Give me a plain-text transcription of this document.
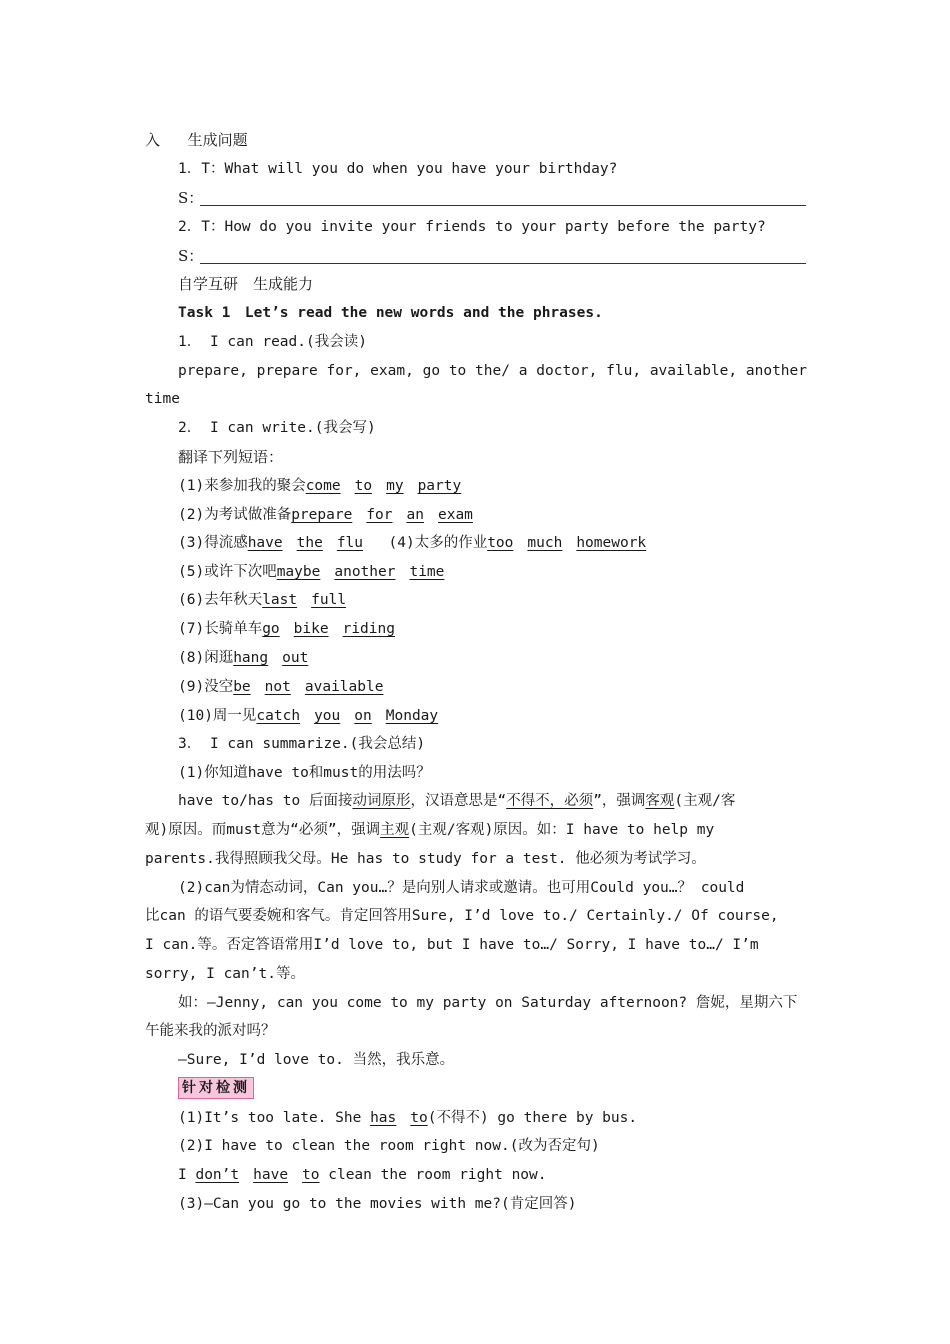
入 生成问题
1．T：What will you do when you have your birthday?
S：
2．T：How do you invite your friends to your party before the party?
S：
自学互研　生成能力
Task 1　Let’s read the new words and the phrases.
1． I can read.(我会读)
prepare, prepare for, exam, go to the/ a doctor, flu, available, another
time
2． I can write.(我会写)
翻译下列短语：
(1)来参加我的聚会come to my party
(2)为考试做准备prepare for an exam
(3)得流感have the flu (4)太多的作业too much homework
(5)或许下次吧maybe another time
(6)去年秋天last full
(7)长骑单车go bike riding
(8)闲逛hang out
(9)没空be not available
(10)周一见catch you on Monday
3． I can summarize.(我会总结)
(1)你知道have to和must的用法吗？
have to/has to 后面接动词原形，汉语意思是“不得不，必须”，强调客观(主观/客
观)原因。而must意为“必须”，强调主观(主观/客观)原因。如：I have to help my
parents.我得照顾我父母。He has to study for a test. 他必须为考试学习。
(2)can为情态动词，Can you…？是向别人请求或邀请。也可用Could you…？ could
比can 的语气要委婉和客气。肯定回答用Sure, I’d love to./ Certainly./ Of course,
I can.等。否定答语常用I’d love to, but I have to…/ Sorry, I have to…/ I’m
sorry, I can’t.等。
如：—Jenny, can you come to my party on Saturday afternoon? 詹妮，星期六下
午能来我的派对吗？
—Sure, I’d love to. 当然，我乐意。
针对检测
(1)It’s too late. She has to(不得不) go there by bus.
(2)I have to clean the room right now.(改为否定句)
I don’t have to clean the room right now.
(3)—Can you go to the movies with me?(肯定回答)
